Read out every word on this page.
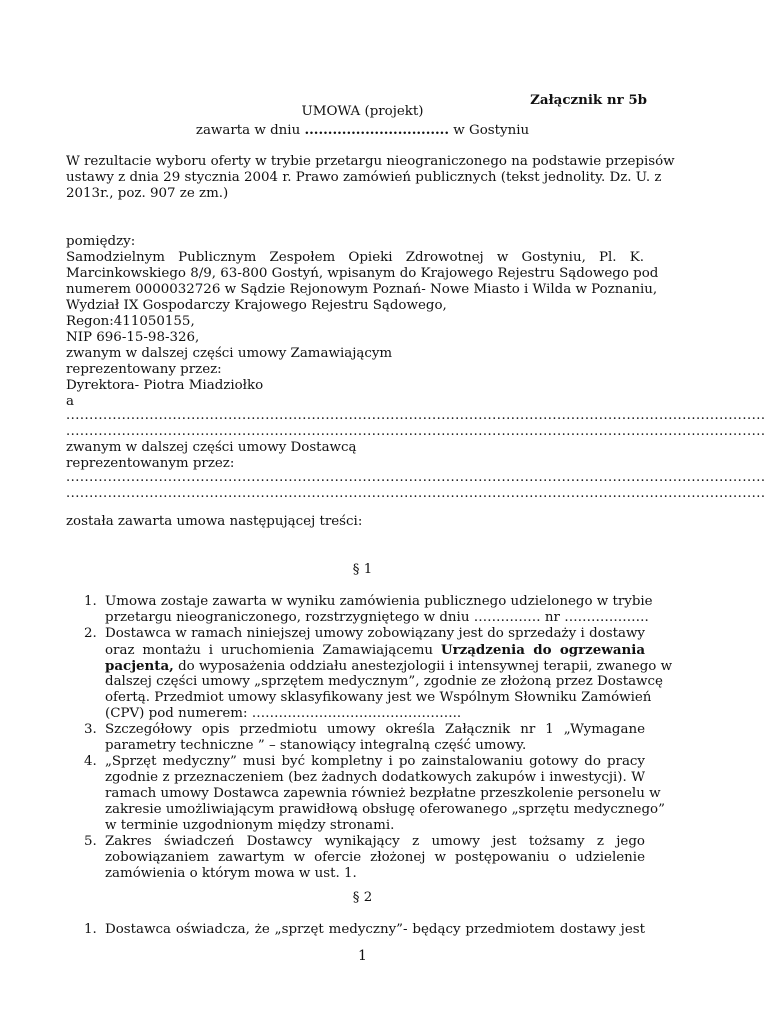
Załącznik nr 5b
UMOWA (projekt)
zawarta w dniu ............................... w Gostyniu
W rezultacie wyboru oferty w trybie przetargu nieograniczonego na podstawie przepisów
ustawy z dnia 29 stycznia 2004 r. Prawo zamówień publicznych (tekst jednolity. Dz. U. z
2013r., poz. 907 ze zm.)
pomiędzy:
Samodzielnym Publicznym Zespołem Opieki Zdrowotnej w Gostyniu, Pl. K.
Marcinkowskiego 8/9, 63-800 Gostyń, wpisanym do Krajowego Rejestru Sądowego pod
numerem 0000032726 w Sądzie Rejonowym Poznań- Nowe Miasto i Wilda w Poznaniu,
Wydział IX Gospodarczy Krajowego Rejestru Sądowego,
Regon:411050155,
NIP 696-15-98-326,
zwanym w dalszej części umowy Zamawiającym
reprezentowany przez:
Dyrektora- Piotra Miadziołko
a
.......................................................................................................................................................
.......................................................................................................................................................
zwanym w dalszej części umowy Dostawcą
reprezentowanym przez:
.......................................................................................................................................................
.......................................................................................................................................................
została zawarta umowa następującej treści:
§ 1
1. Umowa zostaje zawarta w wyniku zamówienia publicznego udzielonego w trybie
przetargu nieograniczonego, rozstrzygniętego w dniu …………… nr ……………….
2. Dostawca w ramach niniejszej umowy zobowiązany jest do sprzedaży i dostawy
oraz montażu i uruchomienia Zamawiającemu Urządzenia do ogrzewania
pacjenta, do wyposażenia oddziału anestezjologii i intensywnej terapii, zwanego w
dalszej części umowy „sprzętem medycznym”, zgodnie ze złożoną przez Dostawcę
ofertą. Przedmiot umowy sklasyfikowany jest we Wspólnym Słowniku Zamówień
(CPV) pod numerem: ………………………………………..
3. Szczegółowy opis przedmiotu umowy określa Załącznik nr 1 „Wymagane
parametry techniczne ” – stanowiący integralną część umowy.
4. „Sprzęt medyczny” musi być kompletny i po zainstalowaniu gotowy do pracy
zgodnie z przeznaczeniem (bez żadnych dodatkowych zakupów i inwestycji). W
ramach umowy Dostawca zapewnia również bezpłatne przeszkolenie personelu w
zakresie umożliwiającym prawidłową obsługę oferowanego „sprzętu medycznego”
w terminie uzgodnionym między stronami.
5. Zakres świadczeń Dostawcy wynikający z umowy jest tożsamy z jego
zobowiązaniem zawartym w ofercie złożonej w postępowaniu o udzielenie
zamówienia o którym mowa w ust. 1.
§ 2
1. Dostawca oświadcza, że „sprzęt medyczny”- będący przedmiotem dostawy jest
1
